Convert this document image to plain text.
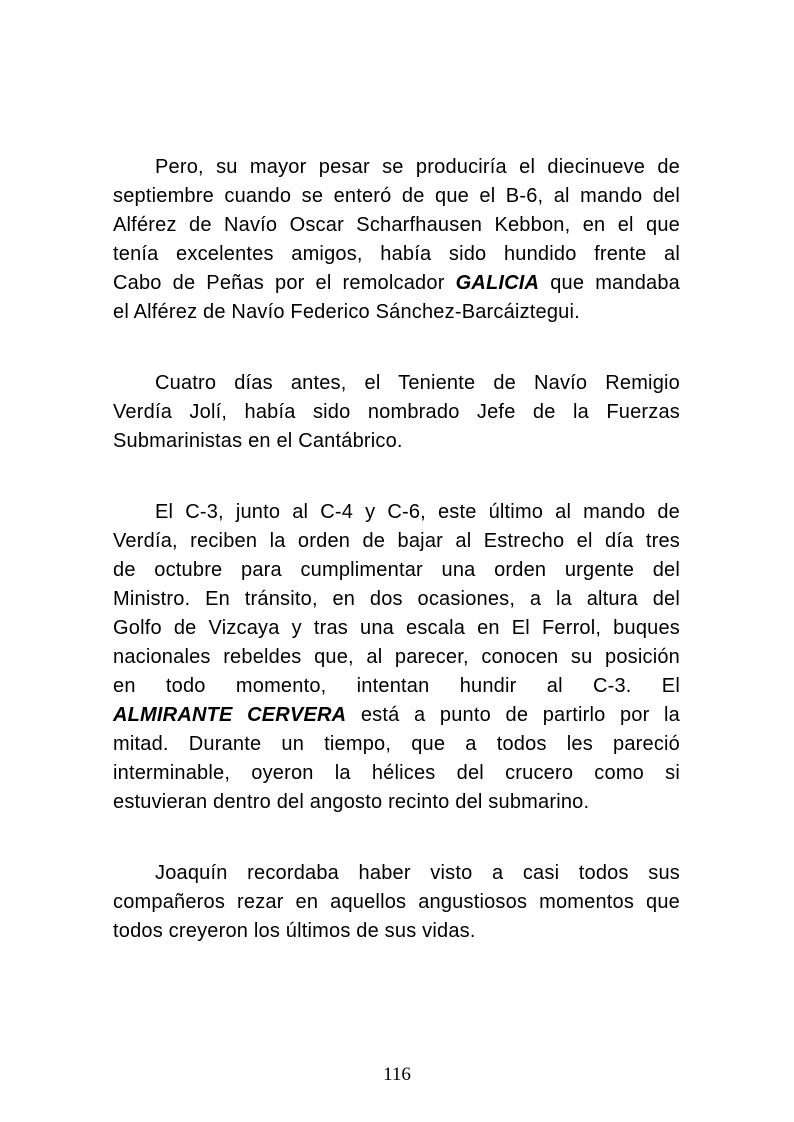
Pero, su mayor pesar se produciría el diecinueve de
septiembre cuando se enteró de que el B-6, al mando del
Alférez de Navío Oscar Scharfhausen Kebbon, en el que
tenía excelentes amigos, había sido hundido frente al
Cabo de Peñas por el remolcador GALICIA que mandaba
el Alférez de Navío Federico Sánchez-Barcáiztegui.
Cuatro días antes, el Teniente de Navío Remigio
Verdía Jolí, había sido nombrado Jefe de la Fuerzas
Submarinistas en el Cantábrico.
El C-3, junto al C-4 y C-6, este último al mando de
Verdía, reciben la orden de bajar al Estrecho el día tres
de octubre para cumplimentar una orden urgente del
Ministro. En tránsito, en dos ocasiones, a la altura del
Golfo de Vizcaya y tras una escala en El Ferrol, buques
nacionales rebeldes que, al parecer, conocen su posición
en todo momento, intentan hundir al C-3. El
ALMIRANTE CERVERA está a punto de partirlo por la
mitad. Durante un tiempo, que a todos les pareció
interminable, oyeron la hélices del crucero como si
estuvieran dentro del angosto recinto del submarino.
Joaquín recordaba haber visto a casi todos sus
compañeros rezar en aquellos angustiosos momentos que
todos creyeron los últimos de sus vidas.
116
